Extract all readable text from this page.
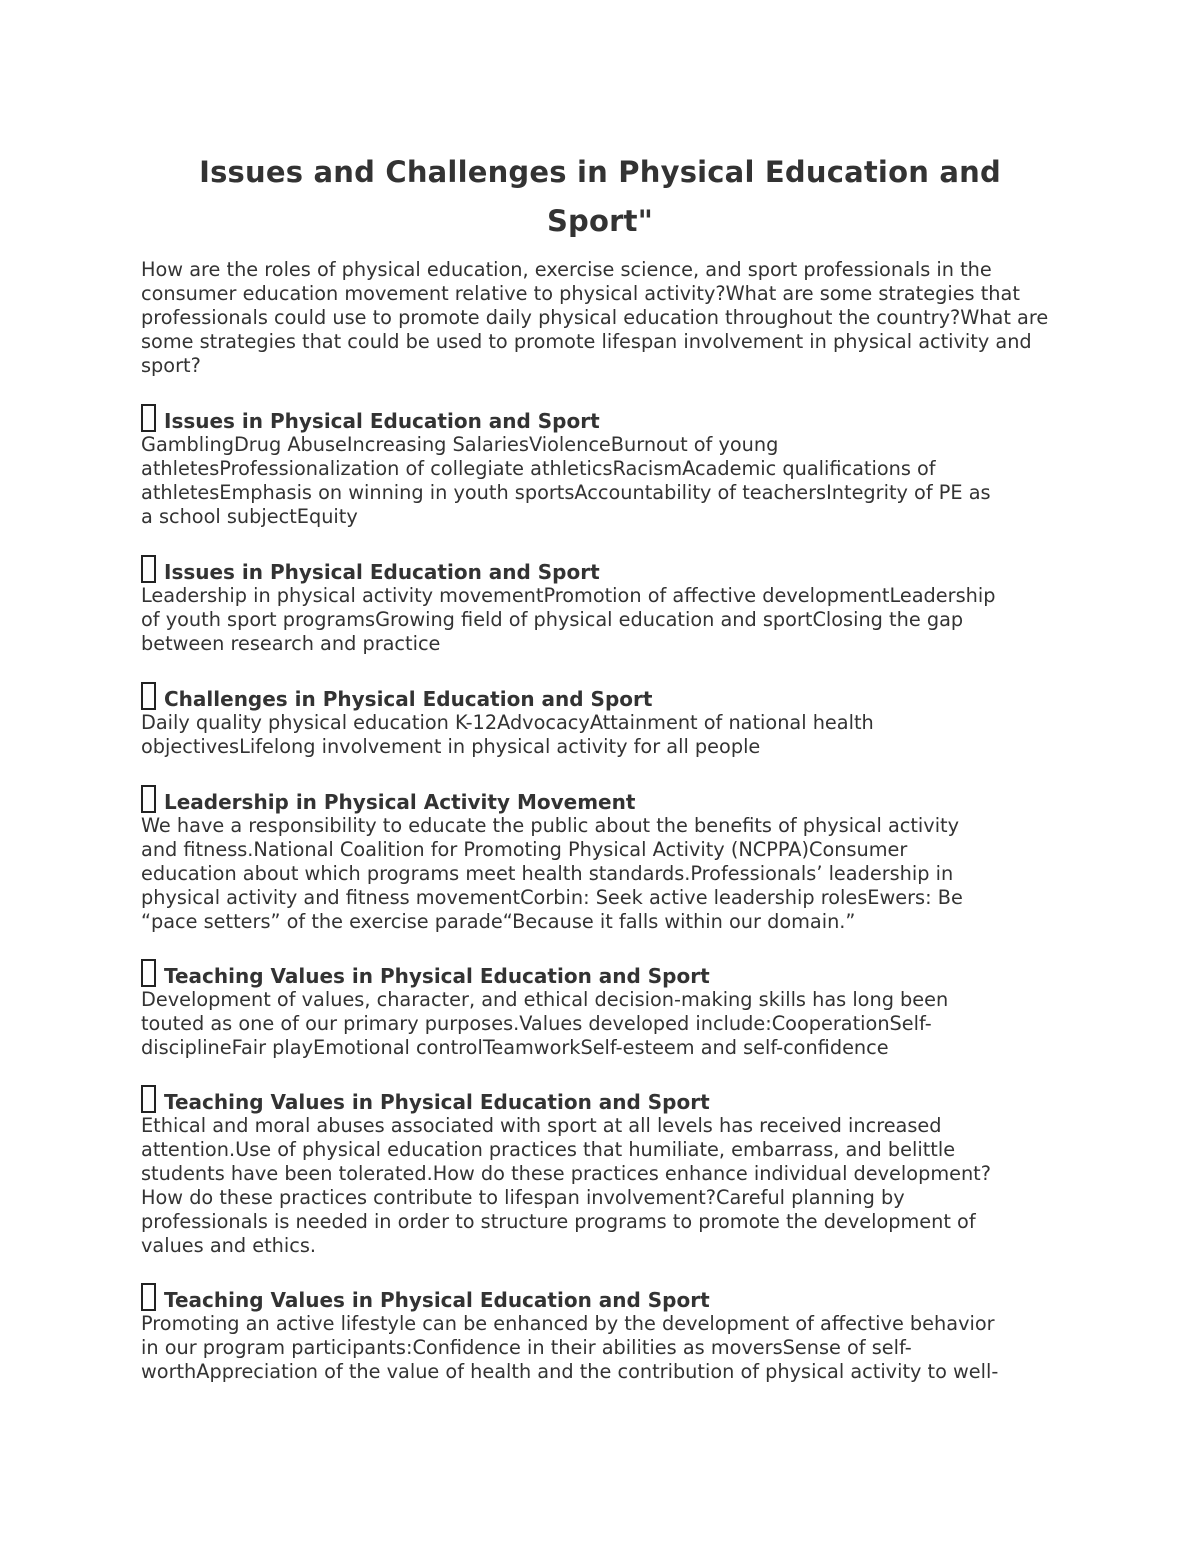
Issues and Challenges in Physical Education and
Sport"

How are the roles of physical education, exercise science, and sport professionals in the consumer education movement relative to physical activity?What are some strategies that professionals could use to promote daily physical education throughout the country?What are some strategies that could be used to promote lifespan involvement in physical activity and sport?

Issues in Physical Education and Sport
GamblingDrug AbuseIncreasing SalariesViolenceBurnout of young
athletesProfessionalization of collegiate athleticsRacismAcademic qualifications of
athletesEmphasis on winning in youth sportsAccountability of teachersIntegrity of PE as
a school subjectEquity
Issues in Physical Education and Sport
Leadership in physical activity movementPromotion of affective developmentLeadership
of youth sport programsGrowing field of physical education and sportClosing the gap
between research and practice
Challenges in Physical Education and Sport
Daily quality physical education K-12AdvocacyAttainment of national health
objectivesLifelong involvement in physical activity for all people
Leadership in Physical Activity Movement
We have a responsibility to educate the public about the benefits of physical activity
and fitness.National Coalition for Promoting Physical Activity (NCPPA)Consumer
education about which programs meet health standards.Professionals’ leadership in
physical activity and fitness movementCorbin: Seek active leadership rolesEwers: Be
“pace setters” of the exercise parade“Because it falls within our domain.”
Teaching Values in Physical Education and Sport
Development of values, character, and ethical decision-making skills has long been
touted as one of our primary purposes.Values developed include:CooperationSelf-
disciplineFair playEmotional controlTeamworkSelf-esteem and self-confidence
Teaching Values in Physical Education and Sport
Ethical and moral abuses associated with sport at all levels has received increased
attention.Use of physical education practices that humiliate, embarrass, and belittle
students have been tolerated.How do these practices enhance individual development?
How do these practices contribute to lifespan involvement?Careful planning by
professionals is needed in order to structure programs to promote the development of
values and ethics.
Teaching Values in Physical Education and Sport
Promoting an active lifestyle can be enhanced by the development of affective behavior
in our program participants:Confidence in their abilities as moversSense of self-
worthAppreciation of the value of health and the contribution of physical activity to well-
